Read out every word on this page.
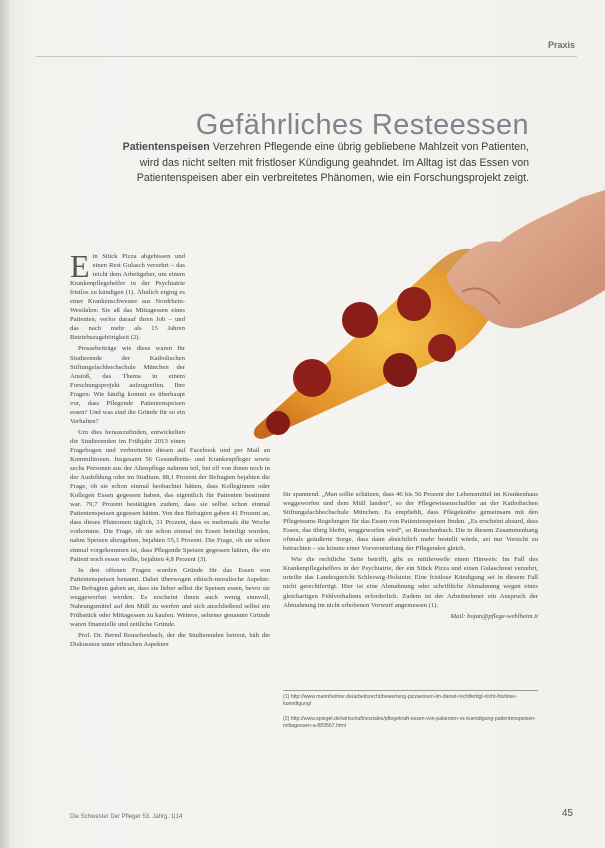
Praxis
Gefährliches Resteessen
Patientenspeisen Verzehren Pflegende eine übrig gebliebene Mahlzeit von Patienten, wird das nicht selten mit fristloser Kündigung geahndet. Im Alltag ist das Essen von Patientenspeisen aber ein verbreitetes Phänomen, wie ein Forschungsprojekt zeigt.

Ein Stück Pizza abgebissen und einen Rest Gulasch verzehrt – das reicht dem Arbeitgeber, um einem Krankenpflegehelfer in der Psychiatrie fristlos zu kündigen (1). Ähnlich erging es einer Krankenschwester aus Nordrhein-Westfalen: Sie aß das Mittagessen eines Patienten, verlor darauf ihren Job – und das nach mehr als 15 Jahren Betriebszugehörigkeit (2).

Pressebeiträge wie diese waren für Studierende der Katholischen Stiftungsfachhochschule München der Anstoß, das Thema in einem Forschungsprojekt aufzugreifen. Ihre Fragen: Wie häufig kommt es überhaupt vor, dass Pflegende Patientenspeisen essen? Und was sind die Gründe für so ein Verhalten?

Um dies herauszufinden, entwickelten die Studierenden im Frühjahr 2013 einen Fragebogen und verbreiteten diesen auf Facebook und per Mail an Kommilitonen. Insgesamt 56 Gesundheits- und Krankenpfleger sowie sechs Personen aus der Altenpflege nahmen teil, bei elf von ihnen noch in der Ausbildung oder im Studium. 88,1 Prozent der Befragten bejahten die Frage, ob sie schon einmal beobachtet hätten, dass Kolleginnen oder Kollegen Essen gegessen haben, das eigentlich für Patienten bestimmt war. 79,7 Prozent bestätigten zudem, dass sie selbst schon einmal Patientenspeisen gegessen hätten. Von den Befragten gaben 41 Prozent an, dass dieses Phänomen täglich, 31 Prozent, dass es mehrmals die Woche vorkomme. Die Frage, ob sie schon einmal im Essen beteiligt wurden, nahm Speisen abzugeben, bejahten 55,3 Prozent. Die Frage, ob sie schon einmal vorgekommen ist, dass Pflegende Speisen gegessen hätten, die ein Patient noch essen wollte, bejahten 4,8 Prozent (3).

In den offenen Fragen wurden Gründe für das Essen von Patientenspeisen benannt. Dabei überwogen ethisch-moralische Aspekte: Die Befragten gaben an, dass sie lieber selbst die Speisen essen, bevor sie weggeworfen werden. Es erscheint ihnen auch wenig sinnvoll, Nahrungsmittel auf den Müll zu werfen und sich anschließend selbst ein Frühstück oder Mittagessen zu kaufen. Weitere, seltener genannte Gründe waren finanzielle und zeitliche Gründe.

Prof. Dr. Bernd Reuschenbach, der die Studierenden betreut, hält die Diskussion unter ethischen Aspekten

für spannend. „Man sollte schätzen, dass 46 bis 56 Prozent der Lebensmittel im Krankenhaus weggeworfen und dem Müll landen“, so der Pflegewissenschaftler an der Katholischen Stiftungsfachhochschule München. Es empfiehlt, dass Pflegekräfte gemeinsam mit den Pflegeteams Regelungen für das Essen von Patientenspeisen finden. „Es erscheint absurd, dass Essen, das übrig bleibt, weggeworfen wird“, so Reuschenbach. Die in diesem Zusammenhang oftmals geäußerte Sorge, dass dann absichtlich mehr bestellt würde, sei nur Vorsicht zu betrachten – sie könnte einer Vorverurteilung der Pflegenden gleich.

Wie die rechtliche Seite betrifft, gibt es mittlerweile einen Hinweis: Im Fall des Krankenpflegehelfers in der Psychiatrie, der ein Stück Pizza und einen Gulaschrest verzehrt, urteilte das Landesgericht Schleswig-Holstein: Eine fristlose Kündigung sei in diesem Fall nicht gerechtfertigt. Hier ist eine Abmahnung oder schriftliche Abmahnung wegen eines gleichartigen Fehlverhaltens erforderlich. Zudem ist der Arbeitnehmer ein Anspruch der Abmahnung im nicht erhobenen Vorwurf angemessen (1).

Mail: bojan@pflege-wehlheim.it
(1) http://www.mannheimer.de/arbeitsrecht/bewertung-pizzaessen-im-dienst-rechtfertigt-nicht-fristlose-kuendigung/
(2) http://www.spiegel.de/wirtschaft/soziales/pflegekraft-essen-von-patienten-vs-kuendigung-patientenspeisen-mittagessen-a-883567.html
Die Schwester Der Pfleger 53. Jahrg. 1|14	45
